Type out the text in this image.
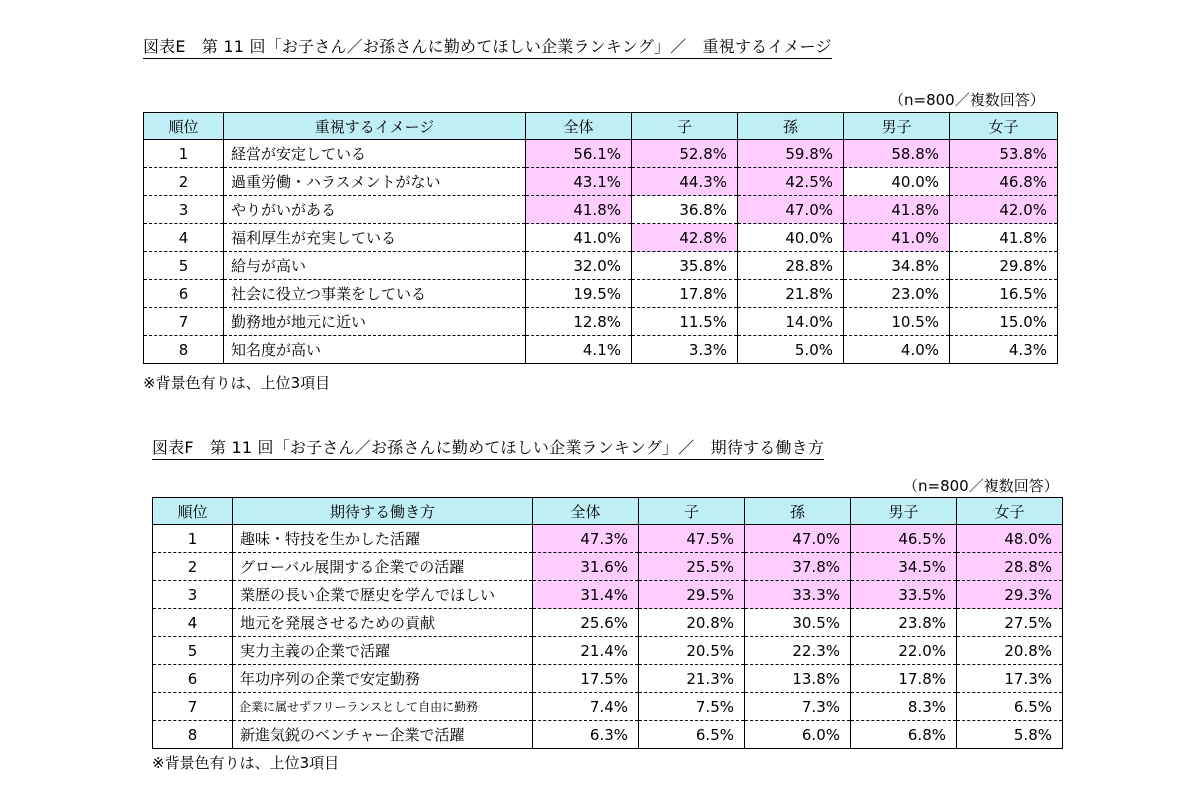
図表E　第 11 回「お子さん／お孫さんに勤めてほしい企業ランキング」／　重視するイメージ
（n=800／複数回答）
順位	重視するイメージ	全体	子	孫	男子	女子
1	経営が安定している	56.1%	52.8%	59.8%	58.8%	53.8%
2	過重労働・ハラスメントがない	43.1%	44.3%	42.5%	40.0%	46.8%
3	やりがいがある	41.8%	36.8%	47.0%	41.8%	42.0%
4	福利厚生が充実している	41.0%	42.8%	40.0%	41.0%	41.8%
5	給与が高い	32.0%	35.8%	28.8%	34.8%	29.8%
6	社会に役立つ事業をしている	19.5%	17.8%	21.8%	23.0%	16.5%
7	勤務地が地元に近い	12.8%	11.5%	14.0%	10.5%	15.0%
8	知名度が高い	4.1%	3.3%	5.0%	4.0%	4.3%
※背景色有りは、上位3項目
図表F　第 11 回「お子さん／お孫さんに勤めてほしい企業ランキング」／　期待する働き方
（n=800／複数回答）
順位	期待する働き方	全体	子	孫	男子	女子
1	趣味・特技を生かした活躍	47.3%	47.5%	47.0%	46.5%	48.0%
2	グローバル展開する企業での活躍	31.6%	25.5%	37.8%	34.5%	28.8%
3	業歴の長い企業で歴史を学んでほしい	31.4%	29.5%	33.3%	33.5%	29.3%
4	地元を発展させるための貢献	25.6%	20.8%	30.5%	23.8%	27.5%
5	実力主義の企業で活躍	21.4%	20.5%	22.3%	22.0%	20.8%
6	年功序列の企業で安定勤務	17.5%	21.3%	13.8%	17.8%	17.3%
7	企業に属せずフリーランスとして自由に勤務	7.4%	7.5%	7.3%	8.3%	6.5%
8	新進気鋭のベンチャー企業で活躍	6.3%	6.5%	6.0%	6.8%	5.8%
※背景色有りは、上位3項目
